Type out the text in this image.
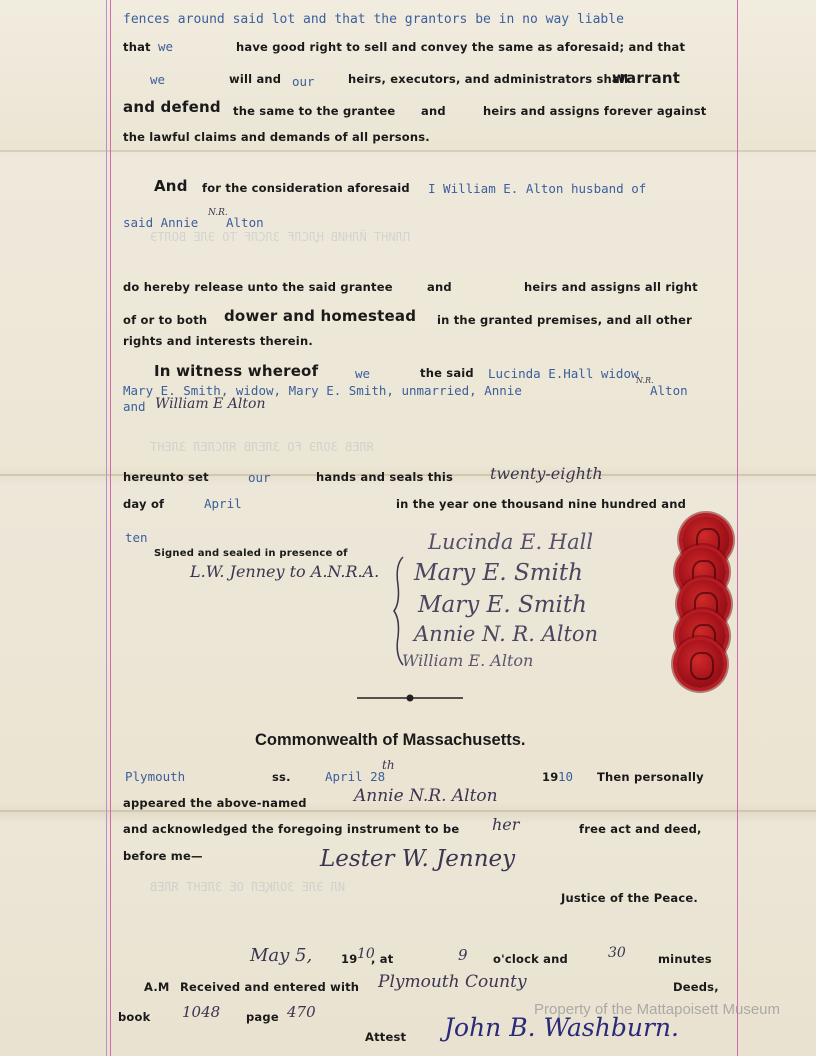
ПЛИНТ ЙЛНИВ ҢЛСЛҒ ЗЛСЛҒ ТО ЭЛЕ ВОЛТЭ
ЯЛЕВ ЗОЛЭ ҒО ЗЛЕЛВ ЯЛСЛЕЛ ЗЛЕНТ
ИЛ ЭЛЕ ЗОЛҚЕЛ ОЕ ЗЛЕНТ ЯЛЕВ
fences around said lot and that the grantors be in no way liable
that we	have good right to sell and convey the same as aforesaid; and that
we	will and our	heirs, executors, and administrators shall
warrant
and defend the same to the grantee and	heirs and assigns forever against
the lawful claims and demands of all persons.
And for the consideration aforesaid I William E. Alton husband of
said Annie
N.R.
Alton
do hereby release unto the said grantee	and	heirs and assigns all right
of or to both dower and homestead in the granted premises, and all other
rights and interests therein.
In witness whereof	we	the said Lucinda E.Hall widow
Mary E. Smith, widow, Mary E. Smith, unmarried, Annie
N.R.
Alton
and William E Alton
hereunto set	our	hands and seals this twenty-eighth
day of	April	in the year one thousand nine hundred and
ten
Signed and sealed in presence of
L.W. Jenney to A.N.R.A.
Lucinda E. Hall
Mary E. Smith
Mary E. Smith
Annie N. R. Alton
William E. Alton
Commonwealth of Massachusetts.
Plymouth	ss.	April 28
th
19 10 Then personally
appeared the above-named	Annie N.R. Alton
and acknowledged the foregoing instrument to be her	free act and deed,
before me—	Lester W. Jenney
Justice of the Peace.
May 5,	19 10
, at	9 o'clock and	30	minutes
A.M Received and entered with Plymouth County	Deeds,
book 1048 page 470
Attest John B. Washburn.
Property of the Mattapoisett Museum
